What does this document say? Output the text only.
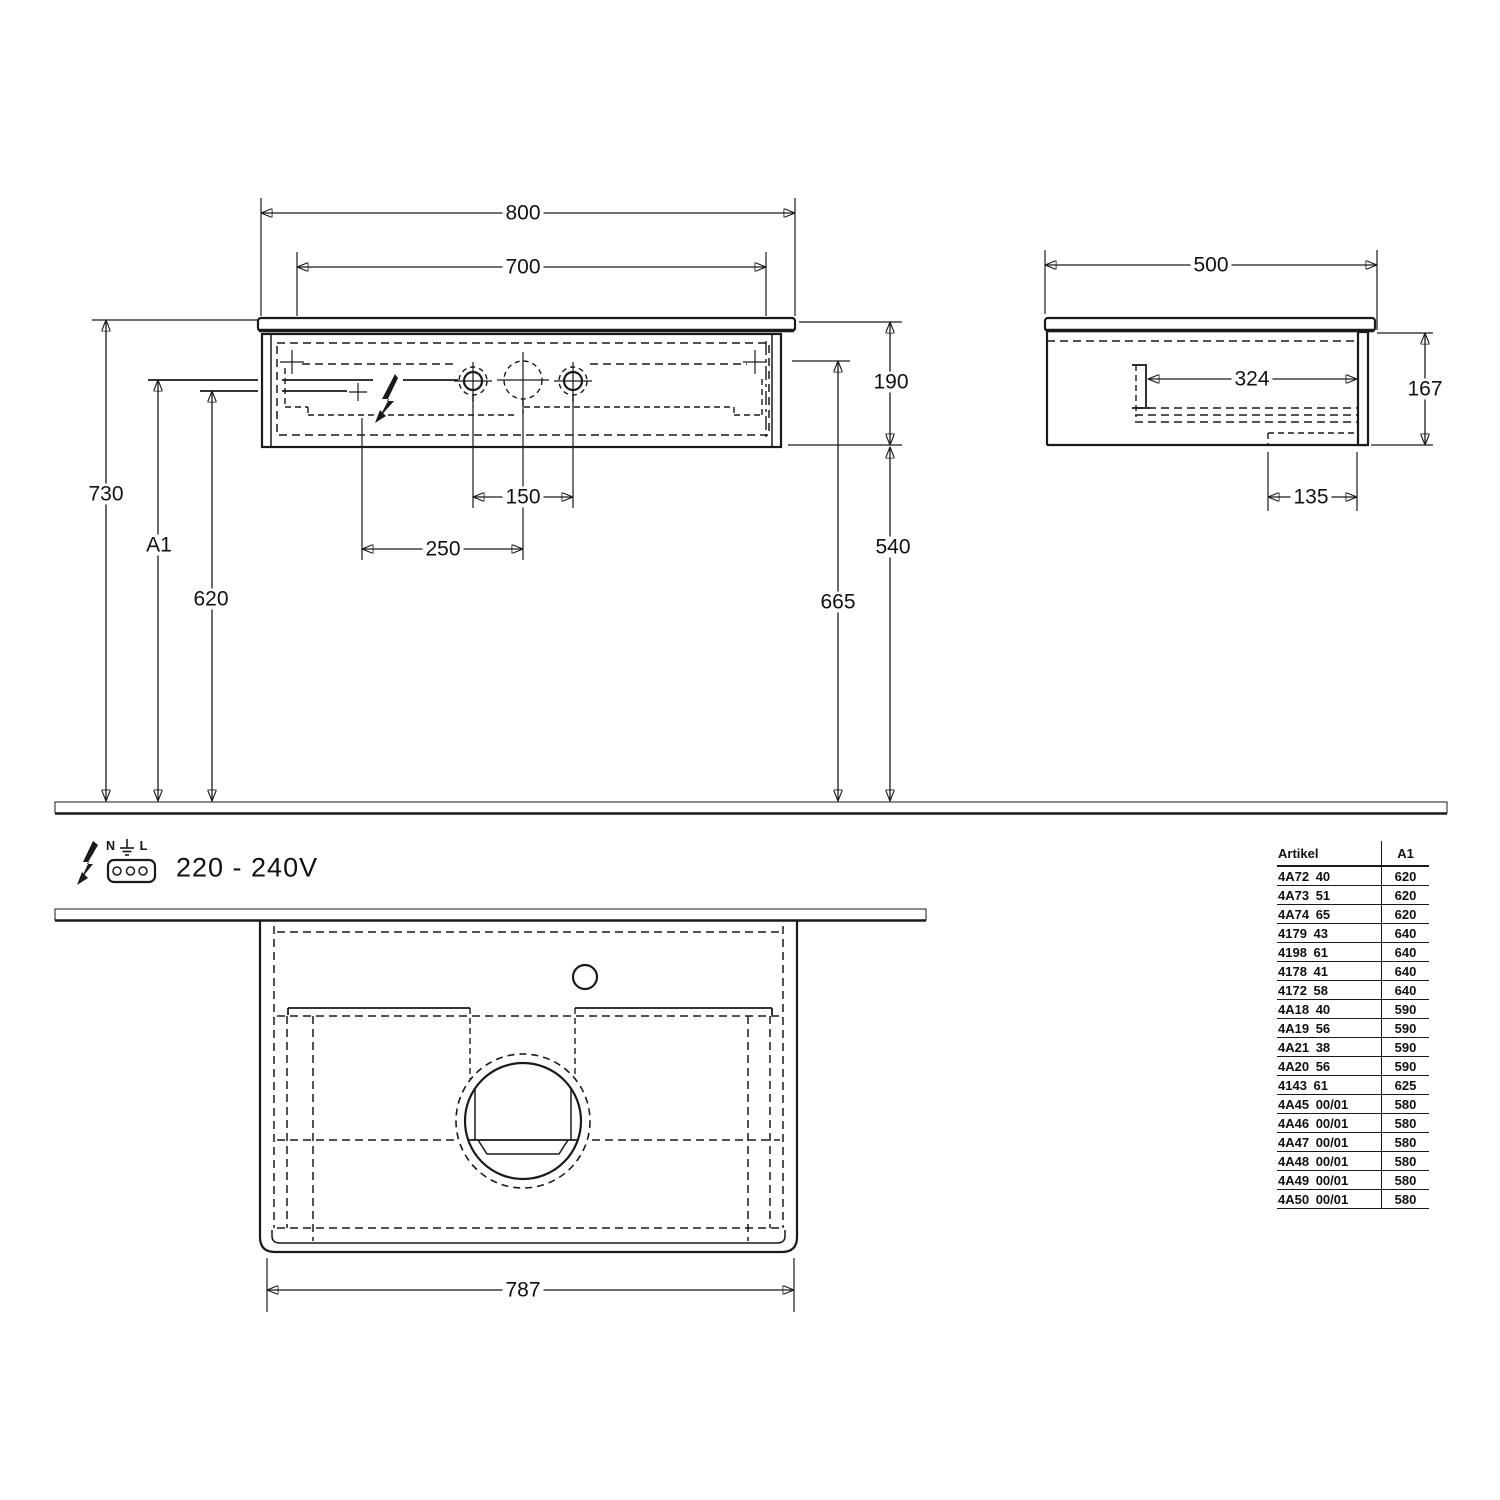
800
700
730
A1
620
190
540
665
150
250
500
324	167
135
787
220 - 240V
N L	Artikel	A1
4A72 40	620
4A73 51	620
4A74 65	620
4179 43	640
4198 61	640
4178 41	640
4172 58	640
4A18 40	590
4A19 56	590
4A21 38	590
4A20 56	590
4143 61	625
4A45 00/01	580
4A46 00/01	580
4A47 00/01	580
4A48 00/01	580
4A49 00/01	580
4A50 00/01	580
